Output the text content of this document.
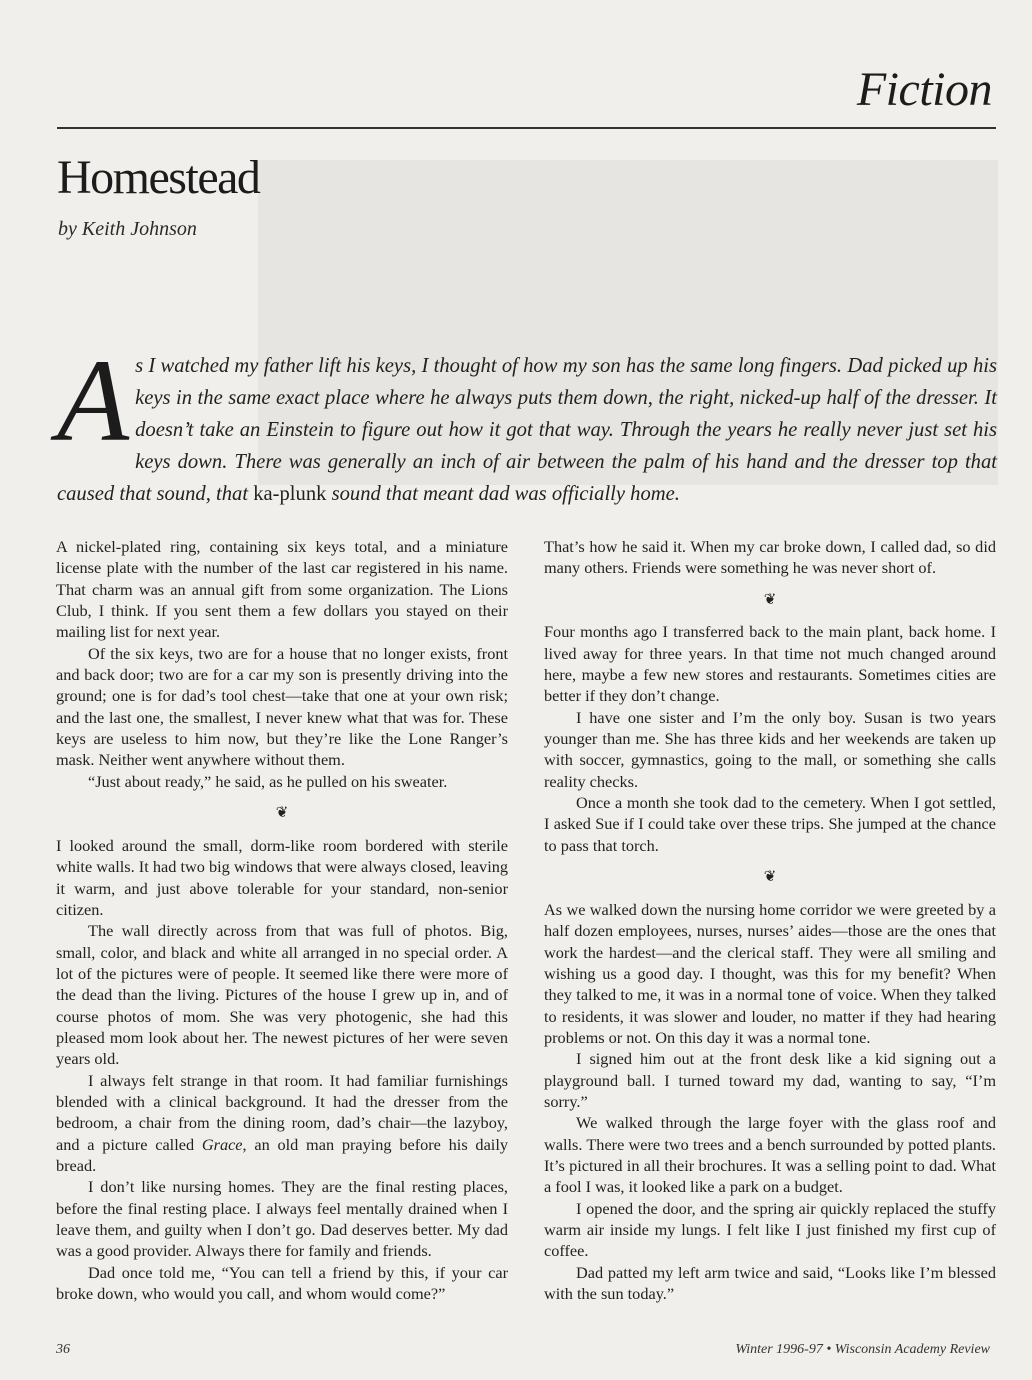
Fiction
Homestead
by Keith Johnson
As I watched my father lift his keys, I thought of how my son has the same long fingers. Dad picked up his keys in the same exact place where he always puts them down, the right, nicked-up half of the dresser. It doesn’t take an Einstein to figure out how it got that way. Through the years he really never just set his keys down. There was generally an inch of air between the palm of his hand and the dresser top that caused that sound, that ka-plunk sound that meant dad was officially home.

A nickel-plated ring, containing six keys total, and a miniature license plate with the number of the last car registered in his name. That charm was an annual gift from some organization. The Lions Club, I think. If you sent them a few dollars you stayed on their mailing list for next year.

Of the six keys, two are for a house that no longer exists, front and back door; two are for a car my son is presently driving into the ground; one is for dad’s tool chest—take that one at your own risk; and the last one, the smallest, I never knew what that was for. These keys are useless to him now, but they’re like the Lone Ranger’s mask. Neither went anywhere without them.

“Just about ready,” he said, as he pulled on his sweater.

❦

I looked around the small, dorm-like room bordered with sterile white walls. It had two big windows that were always closed, leaving it warm, and just above tolerable for your standard, non-senior citizen.

The wall directly across from that was full of photos. Big, small, color, and black and white all arranged in no special order. A lot of the pictures were of people. It seemed like there were more of the dead than the living. Pictures of the house I grew up in, and of course photos of mom. She was very photogenic, she had this pleased mom look about her. The newest pictures of her were seven years old.

I always felt strange in that room. It had familiar furnishings blended with a clinical background. It had the dresser from the bedroom, a chair from the dining room, dad’s chair—the lazyboy, and a picture called Grace, an old man praying before his daily bread.

I don’t like nursing homes. They are the final resting places, before the final resting place. I always feel mentally drained when I leave them, and guilty when I don’t go. Dad deserves better. My dad was a good provider. Always there for family and friends.

Dad once told me, “You can tell a friend by this, if your car broke down, who would you call, and whom would come?”

That’s how he said it. When my car broke down, I called dad, so did many others. Friends were something he was never short of.

❦

Four months ago I transferred back to the main plant, back home. I lived away for three years. In that time not much changed around here, maybe a few new stores and restaurants. Sometimes cities are better if they don’t change.

I have one sister and I’m the only boy. Susan is two years younger than me. She has three kids and her weekends are taken up with soccer, gymnastics, going to the mall, or something she calls reality checks.

Once a month she took dad to the cemetery. When I got settled, I asked Sue if I could take over these trips. She jumped at the chance to pass that torch.

❦

As we walked down the nursing home corridor we were greeted by a half dozen employees, nurses, nurses’ aides—those are the ones that work the hardest—and the clerical staff. They were all smiling and wishing us a good day. I thought, was this for my benefit? When they talked to me, it was in a normal tone of voice. When they talked to residents, it was slower and louder, no matter if they had hearing problems or not. On this day it was a normal tone.

I signed him out at the front desk like a kid signing out a playground ball. I turned toward my dad, wanting to say, “I’m sorry.”

We walked through the large foyer with the glass roof and walls. There were two trees and a bench surrounded by potted plants. It’s pictured in all their brochures. It was a selling point to dad. What a fool I was, it looked like a park on a budget.

I opened the door, and the spring air quickly replaced the stuffy warm air inside my lungs. I felt like I just finished my first cup of coffee.

Dad patted my left arm twice and said, “Looks like I’m blessed with the sun today.”

36	Winter 1996-97 • Wisconsin Academy Review
